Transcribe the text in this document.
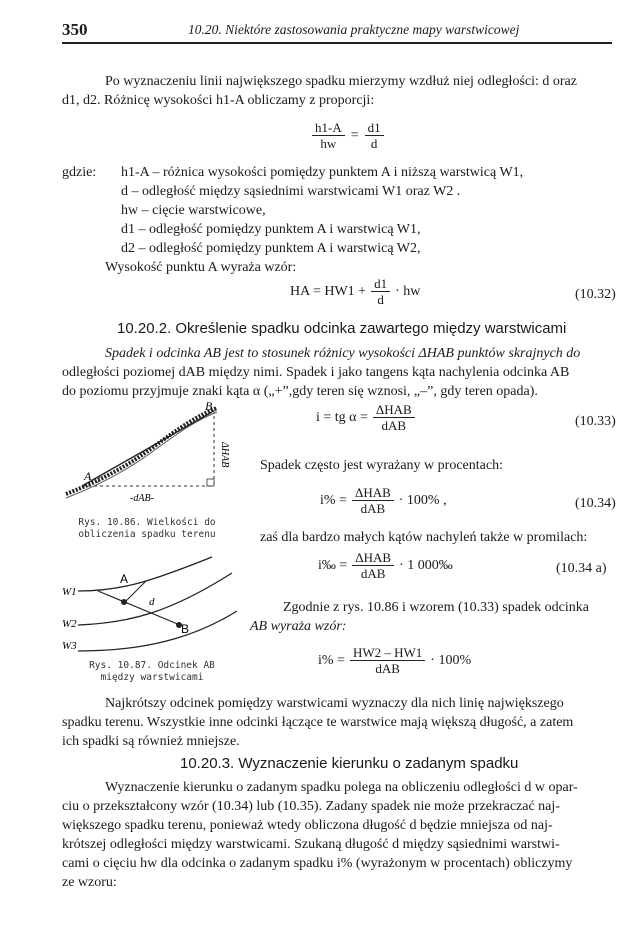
350	10.20. Niektóre zastosowania praktyczne mapy warstwicowej
Po wyznaczeniu linii największego spadku mierzymy wzdłuż niej odległości: d oraz
d1, d2. Różnicę wysokości h1-A obliczamy z proporcji:
$\frac{h1-A}{hw} = \frac{d1}{d}$
gdzie: h1-A – różnica wysokości pomiędzy punktem A i niższą warstwicą W1,
d – odległość między sąsiednimi warstwicami W1 oraz W2 .
hw – cięcie warstwicowe,
d1 – odległość pomiędzy punktem A i warstwicą W1,
d2 – odległość pomiędzy punktem A i warstwicą W2,
Wysokość punktu A wyraża wzór:
HA = $HW1 + \frac{d1}{d}$ · hw	(10.32)
10.20.2. Określenie spadku odcinka zawartego między warstwicami
Spadek i odcinka AB jest to stosunek różnicy wysokości ΔHAB punktów skrajnych do
odległości poziomej dAB między nimi. Spadek i jako tangens kąta nachylenia odcinka AB
do poziomu przyjmuje znaki kąta α („+”,gdy teren się wznosi, „–”, gdy teren opada).
A
B
ΔHAB
-dAB-
Rys. 10.86. Wielkości do
obliczenia spadku terenu
i = tg $\alpha = \frac{\text{ΔHAB}}{\text{dAB}}$	(10.33)
Spadek często jest wyrażany w procentach:
$i\% = \frac{\text{ΔHAB}}{\text{dAB}} \cdot 100\%$ ,	(10.34)
zaś dla bardzo małych kątów nachyleń także w promilach:
i‰ = $\frac{\text{ΔHAB}}{\text{dAB}} \cdot 1$ 000‰	(10.34 a)
A
B
W1
W2
W3
d
Rys. 10.87. Odcinek AB
między warstwicami
Zgodnie z rys. 10.86 i wzorem (10.33) spadek odcinka
AB wyraża wzór:
$i\% = \frac{HW2 - HW1}{\text{dAB}} \cdot 100\%$
Najkrótszy odcinek pomiędzy warstwicami wyznaczy dla nich linię największego
spadku terenu. Wszystkie inne odcinki łączące te warstwice mają większą długość, a zatem
ich spadki są również mniejsze.
10.20.3. Wyznaczenie kierunku o zadanym spadku
Wyznaczenie kierunku o zadanym spadku polega na obliczeniu odległości d w opar-
ciu o przekształcony wzór (10.34) lub (10.35). Zadany spadek nie może przekraczać naj-
większego spadku terenu, ponieważ wtedy obliczona długość d będzie mniejsza od naj-
krótszej odległości między warstwicami. Szukaną długość d między sąsiednimi warstwi-
cami o cięciu hw dla odcinka o zadanym spadku i% (wyrażonym w procentach) obliczymy
ze wzoru:
